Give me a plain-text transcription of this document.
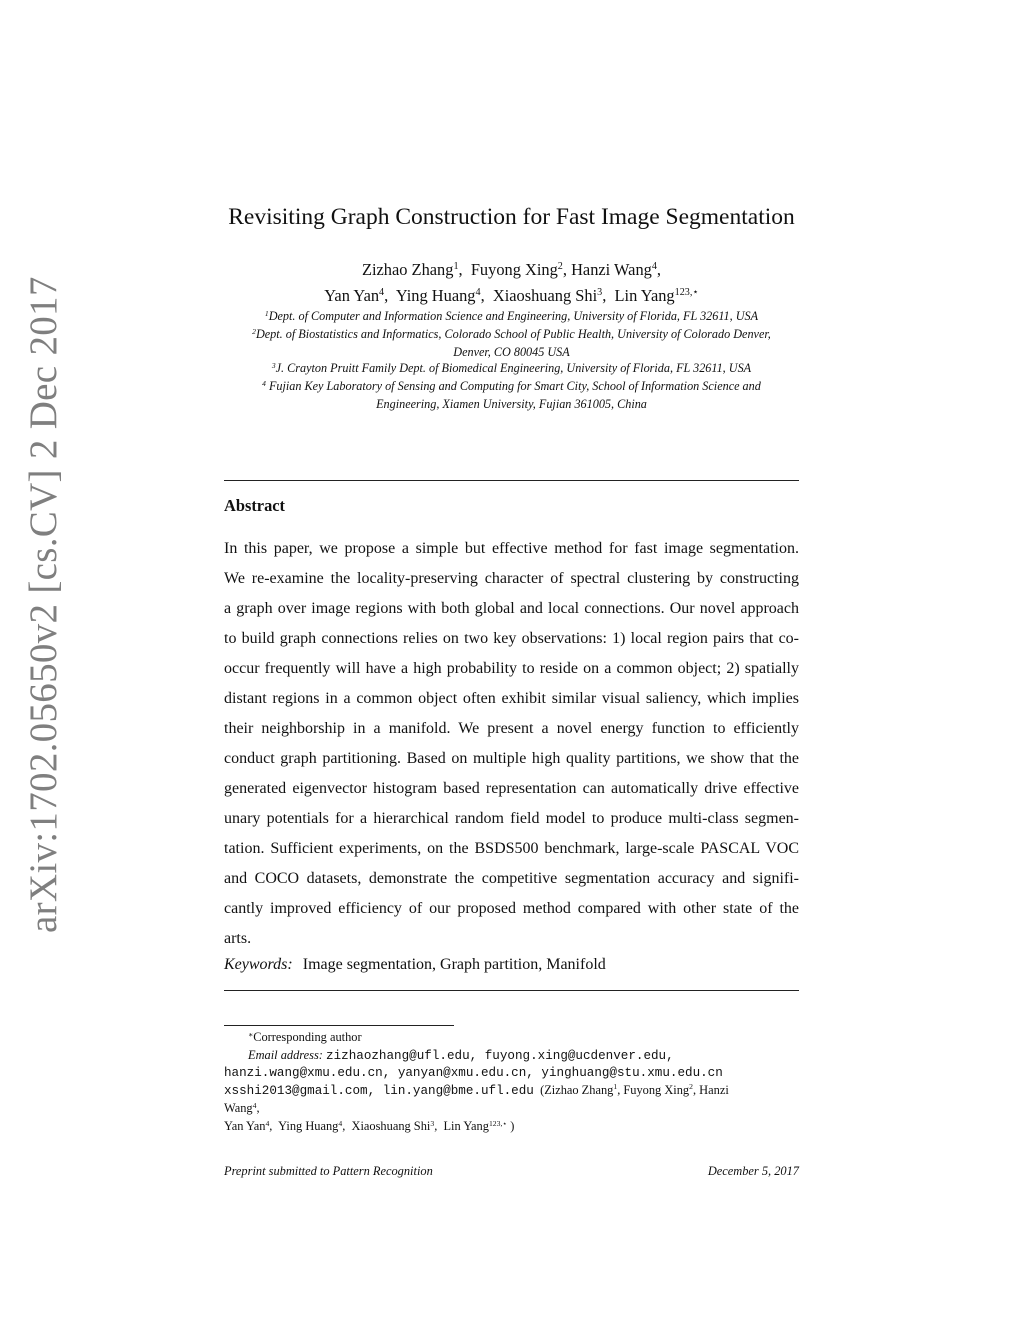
arXiv:1702.05650v2 [cs.CV] 2 Dec 2017
Revisiting Graph Construction for Fast Image Segmentation
Zizhao Zhang$^1$,  Fuyong Xing$^2$, Hanzi Wang$^4$,
Yan Yan$^4$,  Ying Huang$^4$,  Xiaoshuang Shi$^3$,  Lin Yang$^{123,⋆}$
$^1$Dept. of Computer and Information Science and Engineering, University of Florida, FL 32611, USA
$^2$Dept. of Biostatistics and Informatics, Colorado School of Public Health, University of Colorado Denver,
Denver, CO 80045 USA
$^3$J. Crayton Pruitt Family Dept. of Biomedical Engineering, University of Florida, FL 32611, USA
$^4$ Fujian Key Laboratory of Sensing and Computing for Smart City, School of Information Science and
Engineering, Xiamen University, Fujian 361005, China
Abstract
In this paper, we propose a simple but effective method for fast image segmentation.
We re-examine the locality-preserving character of spectral clustering by constructing
a graph over image regions with both global and local connections. Our novel approach
to build graph connections relies on two key observations: 1) local region pairs that co-
occur frequently will have a high probability to reside on a common object; 2) spatially
distant regions in a common object often exhibit similar visual saliency, which implies
their neighborship in a manifold. We present a novel energy function to efficiently
conduct graph partitioning. Based on multiple high quality partitions, we show that the
generated eigenvector histogram based representation can automatically drive effective
unary potentials for a hierarchical random field model to produce multi-class segmen-
tation. Sufficient experiments, on the BSDS500 benchmark, large-scale PASCAL VOC
and COCO datasets, demonstrate the competitive segmentation accuracy and signifi-
cantly improved efficiency of our proposed method compared with other state of the
arts.
Keywords: Image segmentation, Graph partition, Manifold
∗Corresponding author
Email address: zizhaozhang@ufl.edu, fuyong.xing@ucdenver.edu,
hanzi.wang@xmu.edu.cn, yanyan@xmu.edu.cn, yinghuang@stu.xmu.edu.cn
xsshi2013@gmail.com, lin.yang@bme.ufl.edu (Zizhao Zhang$^1$, Fuyong Xing$^2$, Hanzi
Wang$^4$,
Yan Yan$^4$,  Ying Huang$^4$,  Xiaoshuang Shi$^3$,  Lin Yang$^{123,⋆}$ )
Preprint submitted to Pattern Recognition	December 5, 2017
